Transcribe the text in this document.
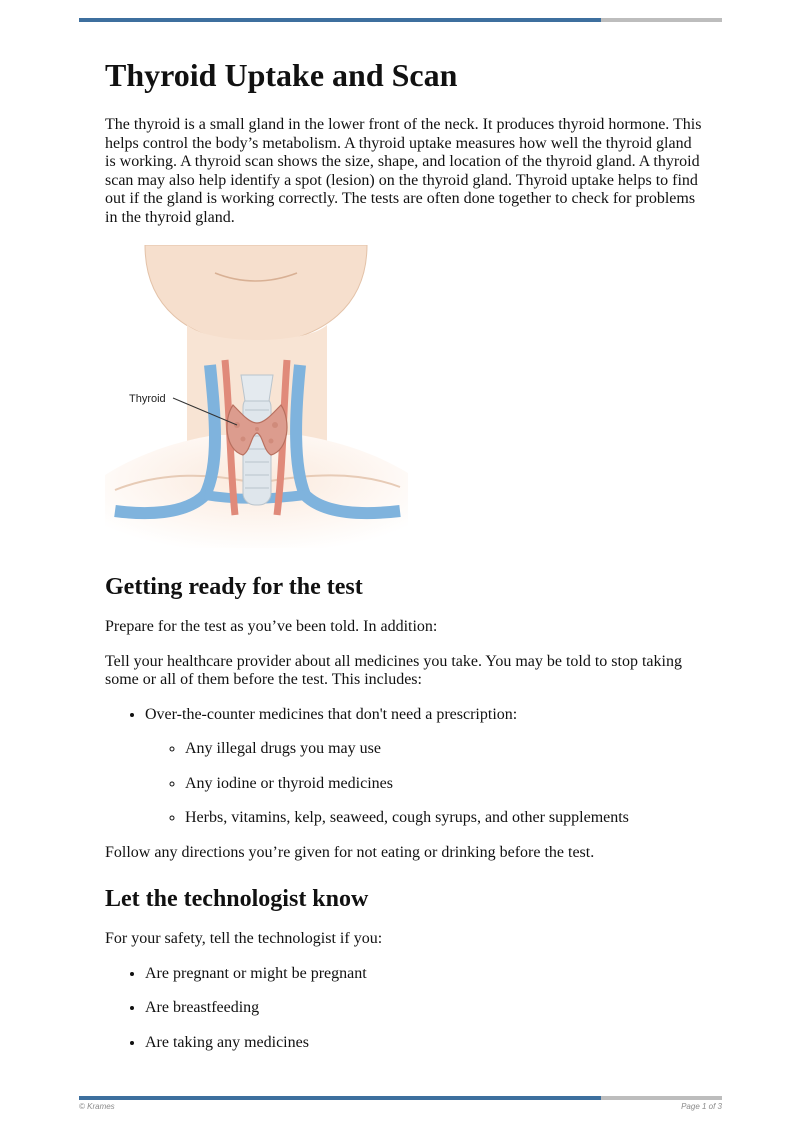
Thyroid Uptake and Scan

The thyroid is a small gland in the lower front of the neck. It produces thyroid hormone. This helps control the body’s metabolism. A thyroid uptake measures how well the thyroid gland is working. A thyroid scan shows the size, shape, and location of the thyroid gland. A thyroid scan may also help identify a spot (lesion) on the thyroid gland. Thyroid uptake helps to find out if the gland is working correctly. The tests are often done together to check for problems in the thyroid gland.

Thyroid
Getting ready for the test

Prepare for the test as you’ve been told. In addition:

Tell your healthcare provider about all medicines you take. You may be told to stop taking some or all of them before the test. This includes:

• Over-the-counter medicines that don't need a prescription:
◦ Any illegal drugs you may use
◦ Any iodine or thyroid medicines
◦ Herbs, vitamins, kelp, seaweed, cough syrups, and other supplements

Follow any directions you’re given for not eating or drinking before the test.

Let the technologist know

For your safety, tell the technologist if you:

• Are pregnant or might be pregnant
• Are breastfeeding
• Are taking any medicines
© Krames	Page 1 of 3
